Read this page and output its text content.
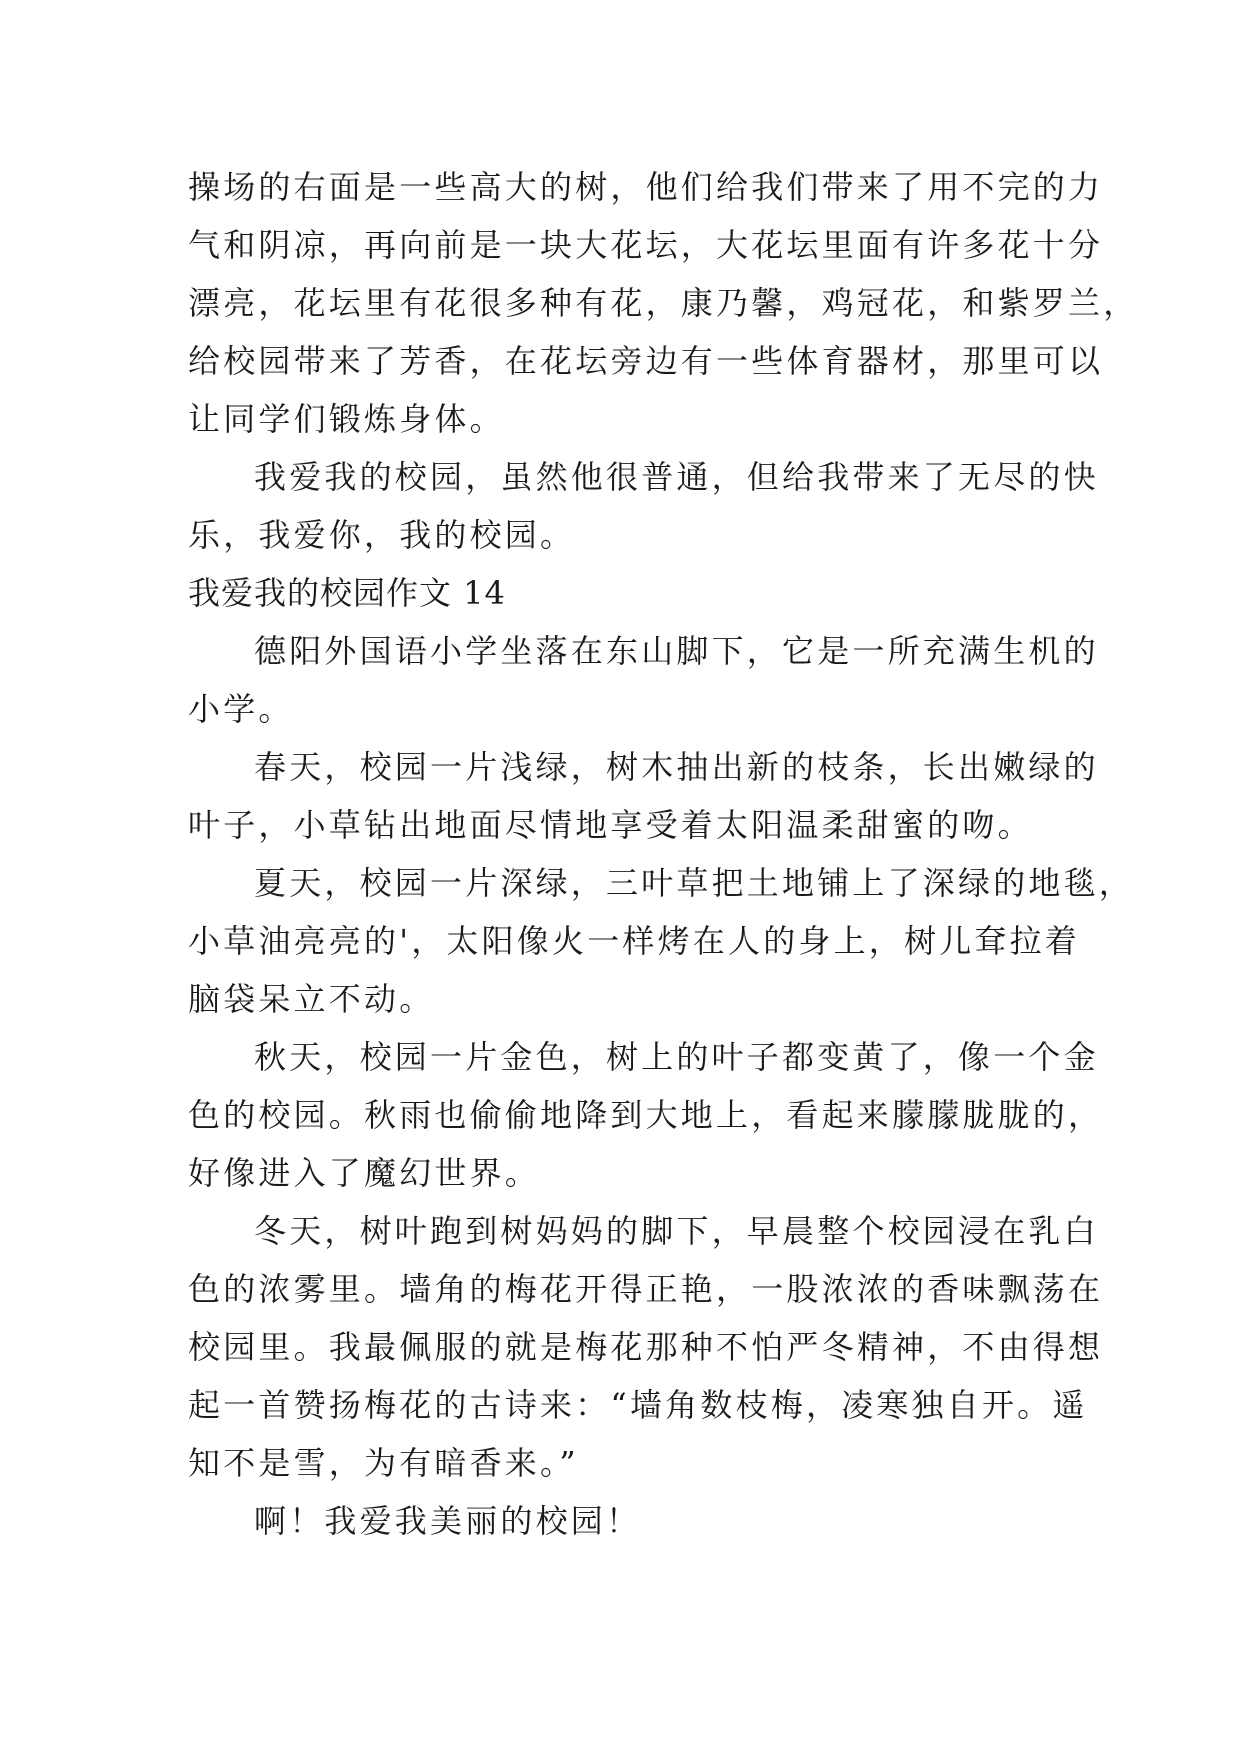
操场的右面是一些高大的树，他们给我们带来了用不完的力
气和阴凉，再向前是一块大花坛，大花坛里面有许多花十分
漂亮，花坛里有花很多种有花，康乃馨，鸡冠花，和紫罗兰，
给校园带来了芳香，在花坛旁边有一些体育器材，那里可以
让同学们锻炼身体。
我爱我的校园，虽然他很普通，但给我带来了无尽的快
乐，我爱你，我的校园。
我爱我的校园作文 14
德阳外国语小学坐落在东山脚下，它是一所充满生机的
小学。
春天，校园一片浅绿，树木抽出新的枝条，长出嫩绿的
叶子，小草钻出地面尽情地享受着太阳温柔甜蜜的吻。
夏天，校园一片深绿，三叶草把土地铺上了深绿的地毯，
小草油亮亮的'，太阳像火一样烤在人的身上，树儿耷拉着
脑袋呆立不动。
秋天，校园一片金色，树上的叶子都变黄了，像一个金
色的校园。秋雨也偷偷地降到大地上，看起来朦朦胧胧的，
好像进入了魔幻世界。
冬天，树叶跑到树妈妈的脚下，早晨整个校园浸在乳白
色的浓雾里。墙角的梅花开得正艳，一股浓浓的香味飘荡在
校园里。我最佩服的就是梅花那种不怕严冬精神，不由得想
起一首赞扬梅花的古诗来：“墙角数枝梅，凌寒独自开。遥
知不是雪，为有暗香来。”
啊！我爱我美丽的校园！
